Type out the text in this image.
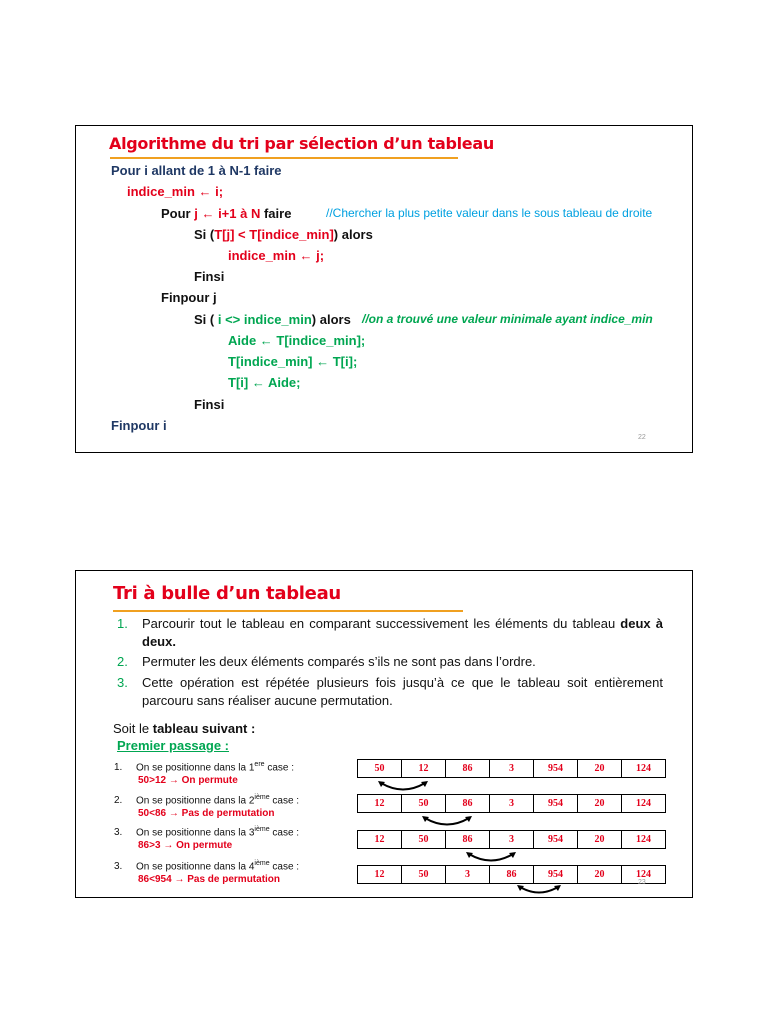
Algorithme du tri par sélection d’un tableau
Pour i allant de 1 à N-1 faire
indice_min ← i;
Pour j ← i+1 à N faire	//Chercher la plus petite valeur dans le sous tableau de droite
Si (T[j] < T[indice_min]) alors
indice_min ← j;
Finsi
Finpour j
Si ( i <> indice_min) alors //on a trouvé une valeur minimale ayant indice_min
Aide ← T[indice_min];
T[indice_min] ← T[i];
T[i] ← Aide;
Finsi
Finpour i
22
Tri à bulle d’un tableau
1. Parcourir tout le tableau en comparant successivement les éléments du tableau deux à deux.
2. Permuter les deux éléments comparés s’ils ne sont pas dans l’ordre.
3. Cette opération est répétée plusieurs fois jusqu’à ce que le tableau soit entièrement parcouru sans réaliser aucune permutation.
Soit le tableau suivant :
Premier passage :
1. On se positionne dans la 1ere case :
50>12 → On permute
50	12	86	3	954	20	124
2. On se positionne dans la 2ième case :
50<86 → Pas de permutation
12	50	86	3	954	20	124
3. On se positionne dans la 3ième case :
86>3 → On permute
12	50	86	3	954	20	124
3. On se positionne dans la 4ième case :
86<954 → Pas de permutation	12	50	3	86	954	20	124
23
